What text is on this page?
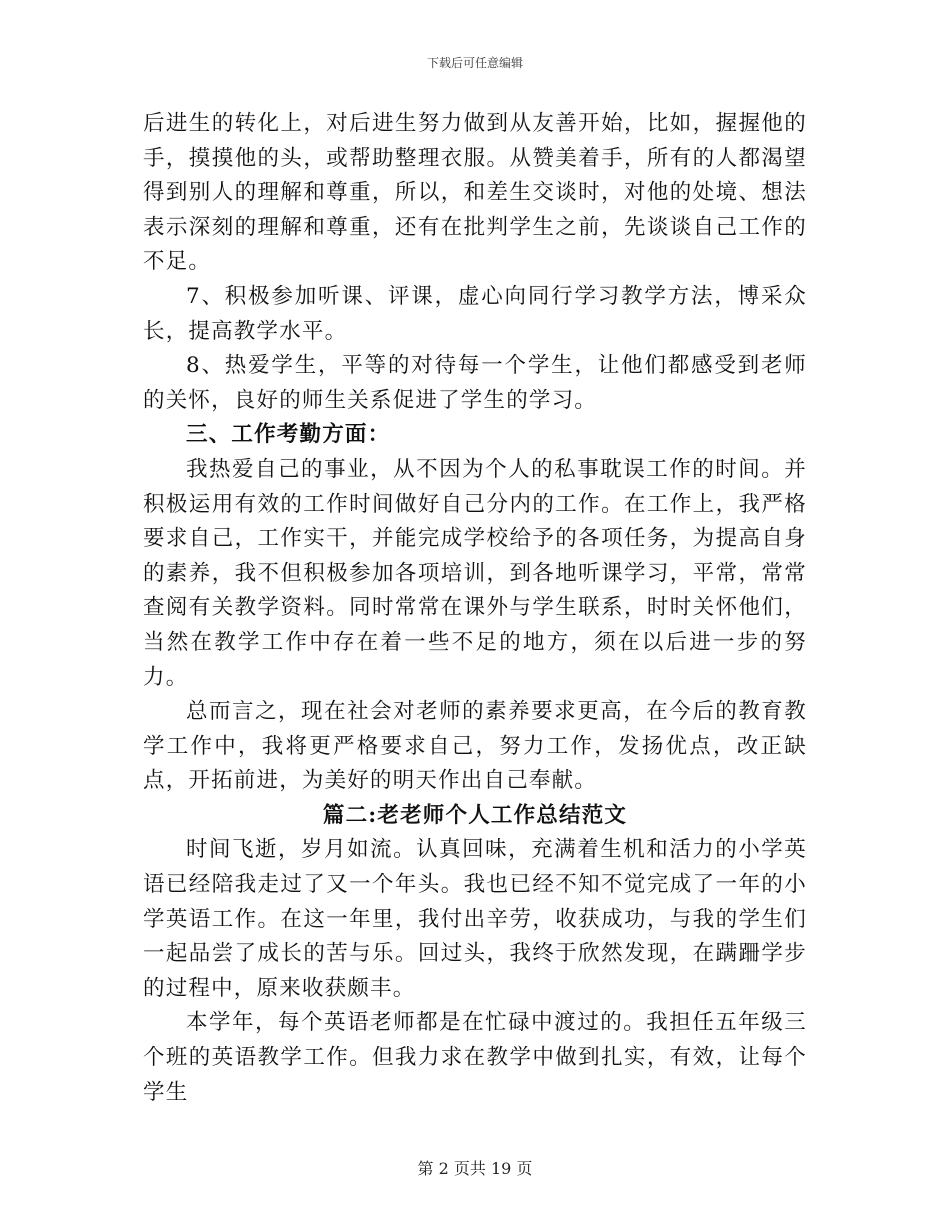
下载后可任意编辑

后进生的转化上，对后进生努力做到从友善开始，比如，握握他的手，摸摸他的头，或帮助整理衣服。从赞美着手，所有的人都渴望得到别人的理解和尊重，所以，和差生交谈时，对他的处境、想法表示深刻的理解和尊重，还有在批判学生之前，先谈谈自己工作的不足。

7、积极参加听课、评课，虚心向同行学习教学方法，博采众长，提高教学水平。

8、热爱学生，平等的对待每一个学生，让他们都感受到老师的关怀，良好的师生关系促进了学生的学习。

三、工作考勤方面：

我热爱自己的事业，从不因为个人的私事耽误工作的时间。并积极运用有效的工作时间做好自己分内的工作。在工作上，我严格要求自己，工作实干，并能完成学校给予的各项任务，为提高自身的素养，我不但积极参加各项培训，到各地听课学习，平常，常常查阅有关教学资料。同时常常在课外与学生联系，时时关怀他们，当然在教学工作中存在着一些不足的地方，须在以后进一步的努力。

总而言之，现在社会对老师的素养要求更高，在今后的教育教学工作中，我将更严格要求自己，努力工作，发扬优点，改正缺点，开拓前进，为美好的明天作出自己奉献。

篇二:老老师个人工作总结范文

时间飞逝，岁月如流。认真回味，充满着生机和活力的小学英语已经陪我走过了又一个年头。我也已经不知不觉完成了一年的小学英语工作。在这一年里，我付出辛劳，收获成功，与我的学生们一起品尝了成长的苦与乐。回过头，我终于欣然发现，在蹒跚学步的过程中，原来收获颇丰。

本学年，每个英语老师都是在忙碌中渡过的。我担任五年级三个班的英语教学工作。但我力求在教学中做到扎实，有效，让每个学生

第 2 页共 19 页
